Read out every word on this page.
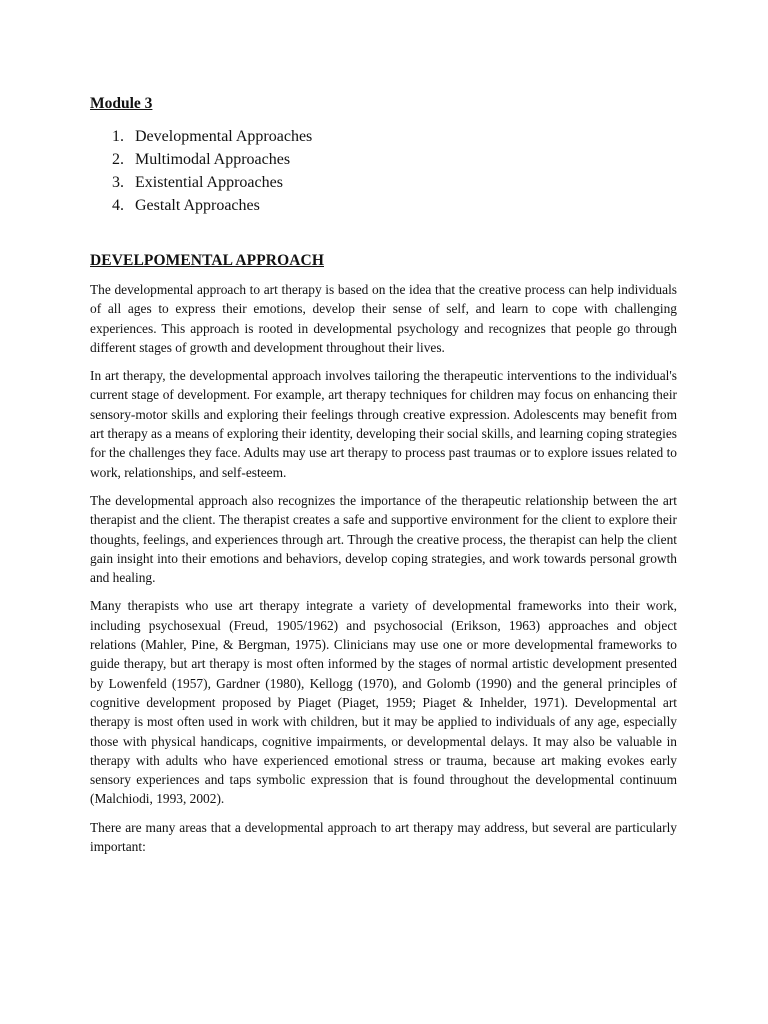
Module 3
1. Developmental Approaches
2. Multimodal Approaches
3. Existential Approaches
4. Gestalt Approaches
DEVELPOMENTAL APPROACH

The developmental approach to art therapy is based on the idea that the creative process can help individuals of all ages to express their emotions, develop their sense of self, and learn to cope with challenging experiences. This approach is rooted in developmental psychology and recognizes that people go through different stages of growth and development throughout their lives.

In art therapy, the developmental approach involves tailoring the therapeutic interventions to the individual's current stage of development. For example, art therapy techniques for children may focus on enhancing their sensory-motor skills and exploring their feelings through creative expression. Adolescents may benefit from art therapy as a means of exploring their identity, developing their social skills, and learning coping strategies for the challenges they face. Adults may use art therapy to process past traumas or to explore issues related to work, relationships, and self-esteem.

The developmental approach also recognizes the importance of the therapeutic relationship between the art therapist and the client. The therapist creates a safe and supportive environment for the client to explore their thoughts, feelings, and experiences through art. Through the creative process, the therapist can help the client gain insight into their emotions and behaviors, develop coping strategies, and work towards personal growth and healing.

Many therapists who use art therapy integrate a variety of developmental frameworks into their work, including psychosexual (Freud, 1905/1962) and psychosocial (Erikson, 1963) approaches and object relations (Mahler, Pine, & Bergman, 1975). Clinicians may use one or more developmental frameworks to guide therapy, but art therapy is most often informed by the stages of normal artistic development presented by Lowenfeld (1957), Gardner (1980), Kellogg (1970), and Golomb (1990) and the general principles of cognitive development proposed by Piaget (Piaget, 1959; Piaget & Inhelder, 1971). Developmental art therapy is most often used in work with children, but it may be applied to individuals of any age, especially those with physical handicaps, cognitive impairments, or developmental delays. It may also be valuable in therapy with adults who have experienced emotional stress or trauma, because art making evokes early sensory experiences and taps symbolic expression that is found throughout the developmental continuum (Malchiodi, 1993, 2002).

There are many areas that a developmental approach to art therapy may address, but several are particularly important:
